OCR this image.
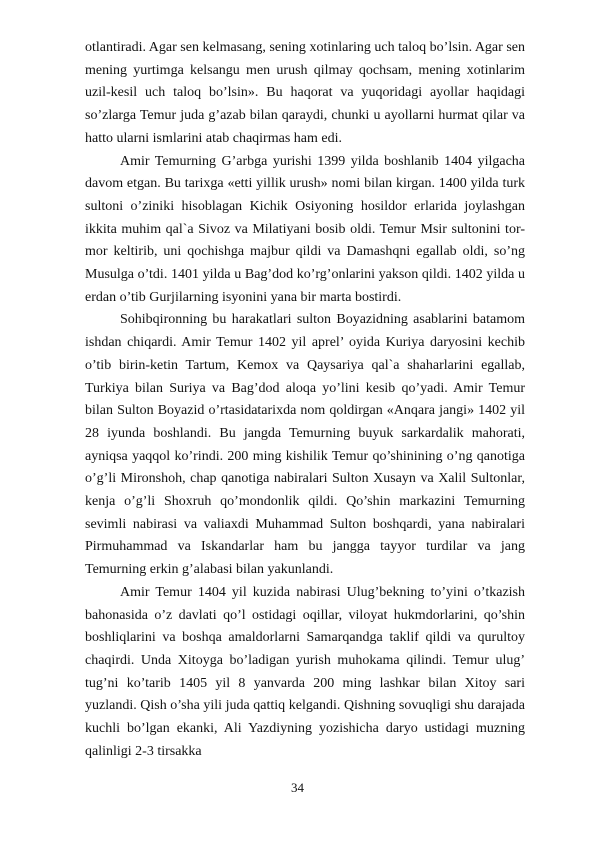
otlantiradi. Agar sen kelmasang, sening xotinlaring uch taloq bo’lsin. Agar sen mening yurtimga kelsangu men urush qilmay qochsam, mening xotinlarim uzil-kesil uch taloq bo’lsin». Bu haqorat va yuqoridagi ayollar haqidagi so’zlarga Temur juda g’azab bilan qaraydi, chunki u ayollarni hurmat qilar va hatto ularni ismlarini atab chaqirmas ham edi.

Amir Temurning G’arbga yurishi 1399 yilda boshlanib 1404 yilgacha davom etgan. Bu tarixga «etti yillik urush» nomi bilan kirgan. 1400 yilda turk sultoni o’ziniki hisoblagan Kichik Osiyoning hosildor erlarida joylashgan ikkita muhim qal`a Sivoz va Milatiyani bosib oldi. Temur Msir sultonini tor-mor keltirib, uni qochishga majbur qildi va Damashqni egallab oldi, so’ng Musulga o’tdi. 1401 yilda u Bag’dod ko’rg’onlarini yakson qildi. 1402 yilda u erdan o’tib Gurjilarning isyonini yana bir marta bostirdi.

Sohibqironning bu harakatlari sulton Boyazidning asablarini batamom ishdan chiqardi. Amir Temur 1402 yil aprel’ oyida Kuriya daryosini kechib o’tib birin-ketin Tartum, Kemox va Qaysariya qal`a shaharlarini egallab, Turkiya bilan Suriya va Bag’dod aloqa yo’lini kesib qo’yadi. Amir Temur bilan Sulton Boyazid o’rtasidatarixda nom qoldirgan «Anqara jangi» 1402 yil 28 iyunda boshlandi. Bu jangda Temurning buyuk sarkardalik mahorati, ayniqsa yaqqol ko’rindi. 200 ming kishilik Temur qo’shinining o’ng qanotiga o’g’li Mironshoh, chap qanotiga nabiralari Sulton Xusayn va Xalil Sultonlar, kenja o’g’li Shoxruh qo’mondonlik qildi. Qo’shin markazini Temurning sevimli nabirasi va valiaxdi Muhammad Sulton boshqardi, yana nabiralari Pirmuhammad va Iskandarlar ham bu jangga tayyor turdilar va jang Temurning erkin g’alabasi bilan yakunlandi.

Amir Temur 1404 yil kuzida nabirasi Ulug’bekning to’yini o’tkazish bahonasida o’z davlati qo’l ostidagi oqillar, viloyat hukmdorlarini, qo’shin boshliqlarini va boshqa amaldorlarni Samarqandga taklif qildi va qurultoy chaqirdi. Unda Xitoyga bo’ladigan yurish muhokama qilindi. Temur ulug’ tug’ni ko’tarib 1405 yil 8 yanvarda 200 ming lashkar bilan Xitoy sari yuzlandi. Qish o’sha yili juda qattiq kelgandi. Qishning sovuqligi shu darajada kuchli bo’lgan ekanki, Ali Yazdiyning yozishicha daryo ustidagi muzning qalinligi 2-3 tirsakka

34
